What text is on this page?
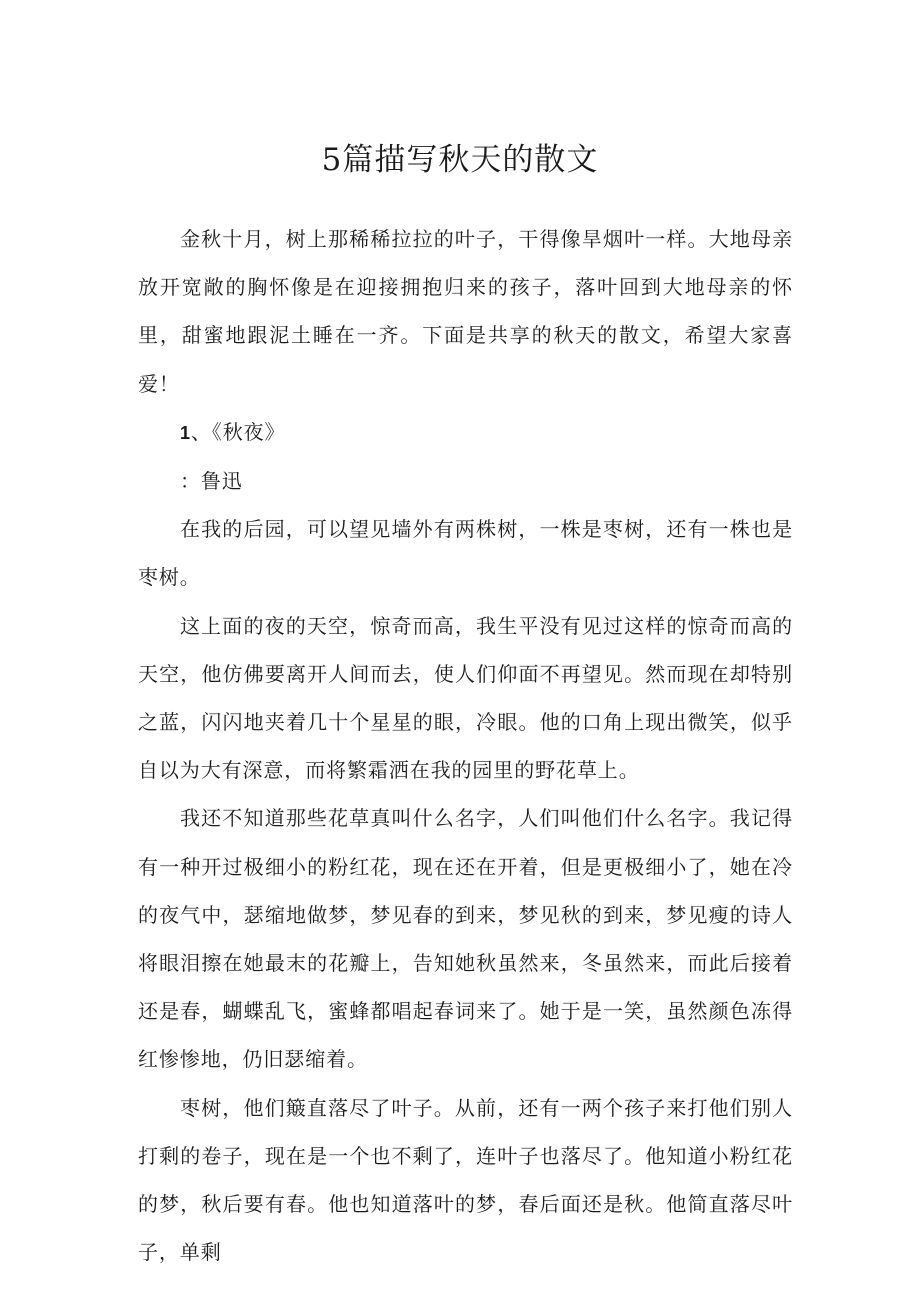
5篇描写秋天的散文

金秋十月，树上那稀稀拉拉的叶子，干得像旱烟叶一样。大地母亲放开宽敞的胸怀像是在迎接拥抱归来的孩子，落叶回到大地母亲的怀里，甜蜜地跟泥土睡在一齐。下面是共享的秋天的散文，希望大家喜爱！

1、《秋夜》

：鲁迅

在我的后园，可以望见墙外有两株树，一株是枣树，还有一株也是枣树。

这上面的夜的天空，惊奇而高，我生平没有见过这样的惊奇而高的天空，他仿佛要离开人间而去，使人们仰面不再望见。然而现在却特别之蓝，闪闪地夹着几十个星星的眼，冷眼。他的口角上现出微笑，似乎自以为大有深意，而将繁霜洒在我的园里的野花草上。

我还不知道那些花草真叫什么名字，人们叫他们什么名字。我记得有一种开过极细小的粉红花，现在还在开着，但是更极细小了，她在冷的夜气中，瑟缩地做梦，梦见春的到来，梦见秋的到来，梦见瘦的诗人将眼泪擦在她最末的花瓣上，告知她秋虽然来，冬虽然来，而此后接着还是春，蝴蝶乱飞，蜜蜂都唱起春词来了。她于是一笑，虽然颜色冻得红惨惨地，仍旧瑟缩着。

枣树，他们簸直落尽了叶子。从前，还有一两个孩子来打他们别人打剩的卷子，现在是一个也不剩了，连叶子也落尽了。他知道小粉红花的梦，秋后要有春。他也知道落叶的梦，春后面还是秋。他简直落尽叶子，单剩
